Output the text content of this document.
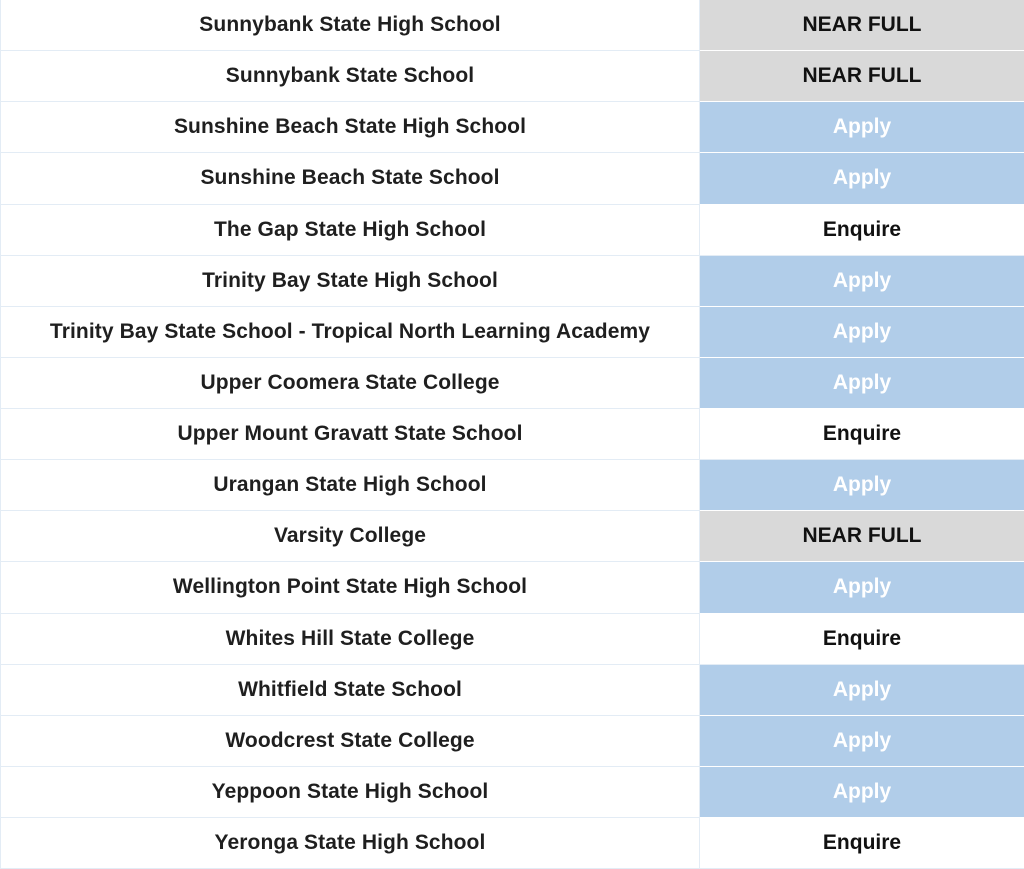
Sunnybank State High School	NEAR FULL
Sunnybank State School	NEAR FULL
Sunshine Beach State High School	Apply
Sunshine Beach State School	Apply
The Gap State High School	Enquire
Trinity Bay State High School	Apply
Trinity Bay State School - Tropical North Learning Academy	Apply
Upper Coomera State College	Apply
Upper Mount Gravatt State School	Enquire
Urangan State High School	Apply
Varsity College	NEAR FULL
Wellington Point State High School	Apply
Whites Hill State College	Enquire
Whitfield State School	Apply
Woodcrest State College	Apply
Yeppoon State High School	Apply
Yeronga State High School	Enquire
